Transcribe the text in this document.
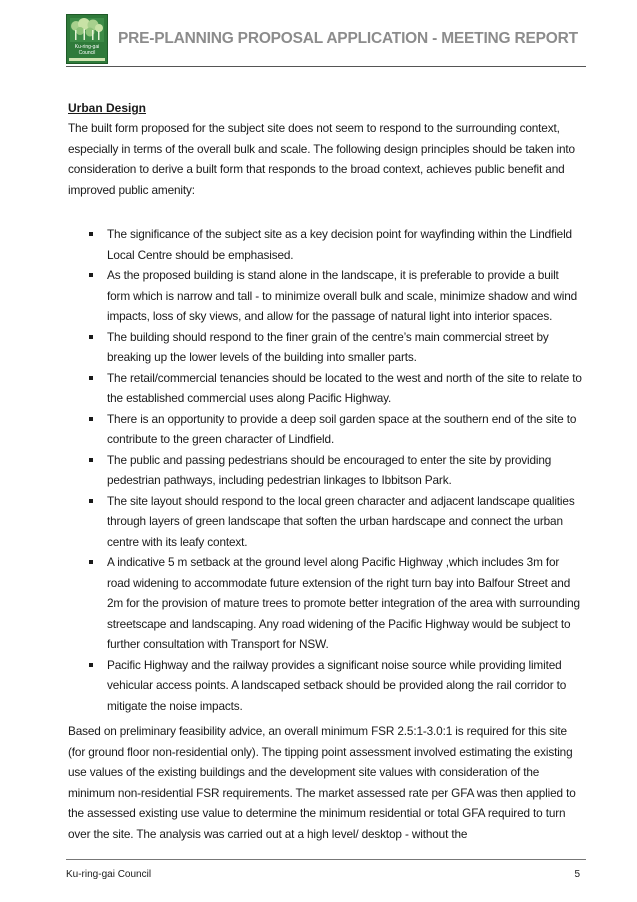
Ku-ring-gai
Council
PRE-PLANNING PROPOSAL APPLICATION - MEETING REPORT
Urban Design

The built form proposed for the subject site does not seem to respond to the surrounding context, especially in terms of the overall bulk and scale. The following design principles should be taken into consideration to derive a built form that responds to the broad context, achieves public benefit and improved public amenity:

The significance of the subject site as a key decision point for wayfinding within the Lindfield Local Centre should be emphasised.
As the proposed building is stand alone in the landscape, it is preferable to provide a built form which is narrow and tall - to minimize overall bulk and scale, minimize shadow and wind impacts, loss of sky views, and allow for the passage of natural light into interior spaces.
The building should respond to the finer grain of the centre’s main commercial street by breaking up the lower levels of the building into smaller parts.
The retail/commercial tenancies should be located to the west and north of the site to relate to the established commercial uses along Pacific Highway.
There is an opportunity to provide a deep soil garden space at the southern end of the site to contribute to the green character of Lindfield.
The public and passing pedestrians should be encouraged to enter the site by providing pedestrian pathways, including pedestrian linkages to Ibbitson Park.
The site layout should respond to the local green character and adjacent landscape qualities through layers of green landscape that soften the urban hardscape and connect the urban centre with its leafy context.
A indicative 5 m setback at the ground level along Pacific Highway ,which includes 3m for road widening to accommodate future extension of the right turn bay into Balfour Street and 2m for the provision of mature trees to promote better integration of the area with surrounding streetscape and landscaping. Any road widening of the Pacific Highway would be subject to further consultation with Transport for NSW.
Pacific Highway and the railway provides a significant noise source while providing limited vehicular access points. A landscaped setback should be provided along the rail corridor to mitigate the noise impacts.

Based on preliminary feasibility advice, an overall minimum FSR 2.5:1-3.0:1 is required for this site (for ground floor non-residential only). The tipping point assessment involved estimating the existing use values of the existing buildings and the development site values with consideration of the minimum non-residential FSR requirements. The market assessed rate per GFA was then applied to the assessed existing use value to determine the minimum residential or total GFA required to turn over the site. The analysis was carried out at a high level/ desktop - without the

Ku-ring-gai Council	5
